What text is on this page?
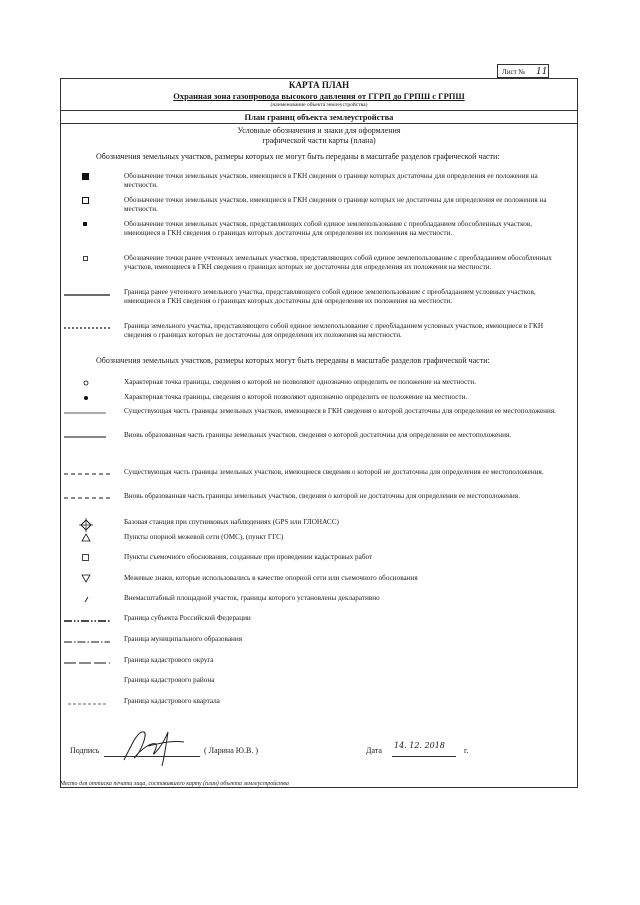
Лист № 11
КАРТА ПЛАН
Охранная зона газопровода высокого давления от ГГРП до ГРПШ с ГРПШ
(наименование объекта землеустройства)
План границ объекта землеустройства
Условные обозначения и знаки для оформления
графической части карты (плана)
Обозначения земельных участков, размеры которых не могут быть переданы в масштабе разделов графической части:
Обозначение точки земельных участков, имеющиеся в ГКН сведения о границе которых достаточны для определения ее положения на местности.
Обозначение точки земельных участков, имеющиеся в ГКН сведения о границе которых не достаточны для определения ее положения на местности.
Обозначение точки земельных участков, представляющих собой единое землепользование с преобладанием обособленных участков, имеющиеся в ГКН сведения о границах которых достаточны для определения их положения на местности.
Обозначение точки ранее учтенных земельных участков, представляющих собой единое землепользование с преобладанием обособленных участков, имеющиеся в ГКН сведения о границах которых не достаточны для определения их положения на местности.
Граница ранее учтенного земельного участка, представляющего собой единое землепользование с преобладанием условных участков, имеющиеся в ГКН сведения о границах которых достаточны для определения их положения на местности.
Граница земельного участка, представляющего собой единое землепользование с преобладанием условных участков, имеющиеся в ГКН сведения о границах которых не достаточны для определения их положения на местности.
Обозначения земельных участков, размеры которых могут быть переданы в масштабе разделов графической части:
Характерная точка границы, сведения о которой не позволяют однозначно определить ее положение на местности.
Характерная точка границы, сведения о которой позволяют однозначно определить ее положение на местности.
Существующая часть границы земельных участков, имеющиеся в ГКН сведения о которой достаточны для определения ее местоположения.
Вновь образованная часть границы земельных участков, сведения о которой достаточны для определения ее местоположения.
Существующая часть границы земельных участков, имеющиеся сведения о которой не достаточны для определения ее местоположения.
Вновь образованная часть границы земельных участков, сведения о которой не достаточны для определения ее местоположения.
Базовая станция при спутниковых наблюдениях (GPS или ГЛОНАСС)
Пункты опорной межевой сети (ОМС), (пункт ГГС)
Пункты съемочного обоснования, созданные при проведении кадастровых работ
Межевые знаки, которые использовались в качестве опорной сети или съемочного обоснования
Внемасштабный площадной участок, границы которого установлены декларативно
Граница субъекта Российской Федерации
Граница муниципального образования
Граница кадастрового округа
Граница кадастрового района
Граница кадастрового квартала
Подпись	( Ларина Ю.В. )	Дата
14. 12. 2018
г.
Место для оттиска печати лица, составившего карту (план) объекта землеустройства
